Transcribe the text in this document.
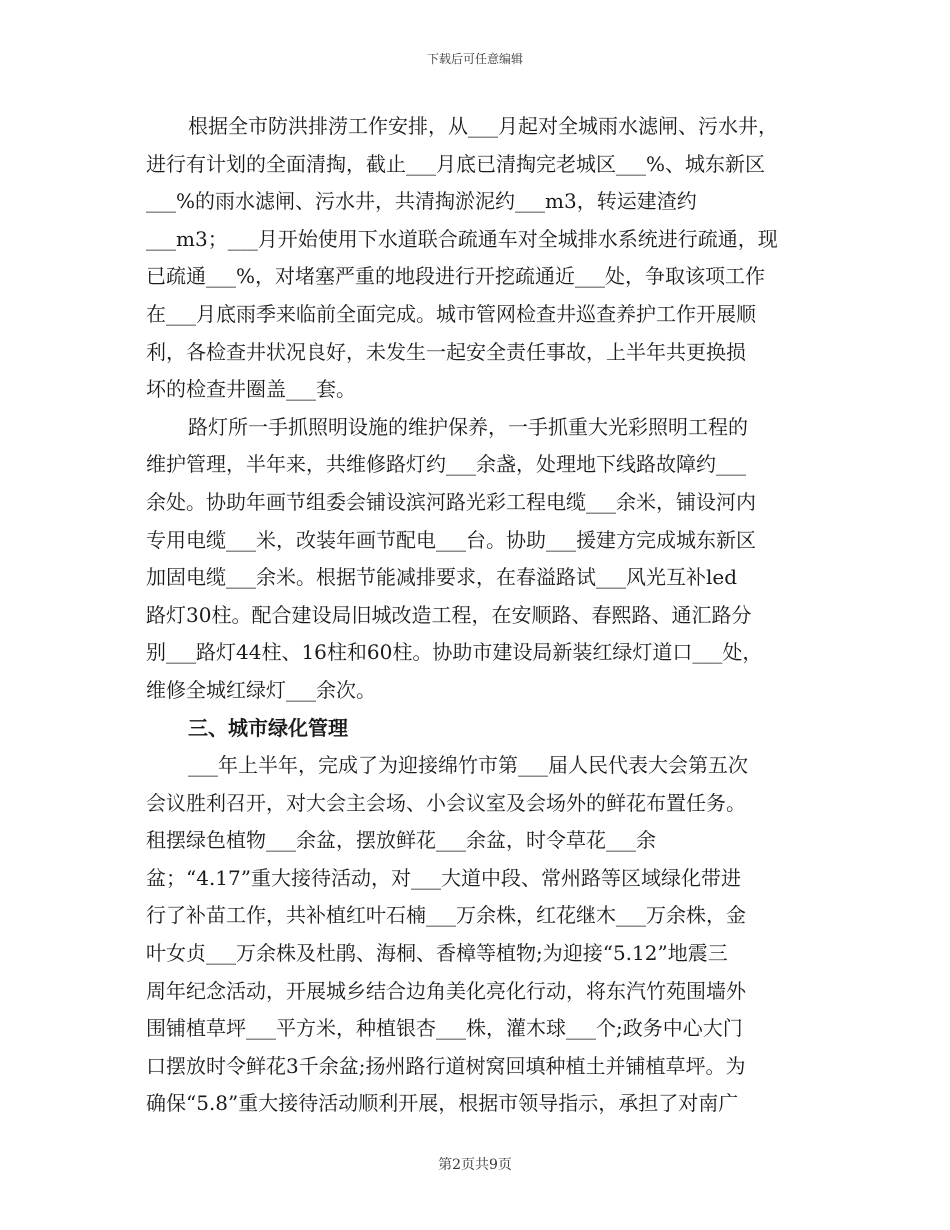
下载后可任意编辑
根据全市防洪排涝工作安排，从___月起对全城雨水滤闸、污水井，
进行有计划的全面清掏，截止___月底已清掏完老城区___%、城东新区
___%的雨水滤闸、污水井，共清掏淤泥约___m3，转运建渣约
___m3；___月开始使用下水道联合疏通车对全城排水系统进行疏通，现
已疏通___%，对堵塞严重的地段进行开挖疏通近___处，争取该项工作
在___月底雨季来临前全面完成。城市管网检查井巡查养护工作开展顺
利，各检查井状况良好，未发生一起安全责任事故，上半年共更换损
坏的检查井圈盖___套。
路灯所一手抓照明设施的维护保养，一手抓重大光彩照明工程的
维护管理，半年来，共维修路灯约___余盏，处理地下线路故障约___
余处。协助年画节组委会铺设滨河路光彩工程电缆___余米，铺设河内
专用电缆___米，改装年画节配电___台。协助___援建方完成城东新区
加固电缆___余米。根据节能减排要求，在春溢路试___风光互补led
路灯30柱。配合建设局旧城改造工程，在安顺路、春熙路、通汇路分
别___路灯44柱、16柱和60柱。协助市建设局新装红绿灯道口___处，
维修全城红绿灯___余次。
三、城市绿化管理
___年上半年，完成了为迎接绵竹市第___届人民代表大会第五次
会议胜利召开，对大会主会场、小会议室及会场外的鲜花布置任务。
租摆绿色植物___余盆，摆放鲜花___余盆，时令草花___余
盆；“4.17”重大接待活动，对___大道中段、常州路等区域绿化带进
行了补苗工作，共补植红叶石楠___万余株，红花继木___万余株，金
叶女贞___万余株及杜鹃、海桐、香樟等植物;为迎接“5.12”地震三
周年纪念活动，开展城乡结合边角美化亮化行动，将东汽竹苑围墙外
围铺植草坪___平方米，种植银杏___株，灌木球___个;政务中心大门
口摆放时令鲜花3千余盆;扬州路行道树窝回填种植土并铺植草坪。为
确保“5.8”重大接待活动顺利开展，根据市领导指示，承担了对南广
第2页共9页
